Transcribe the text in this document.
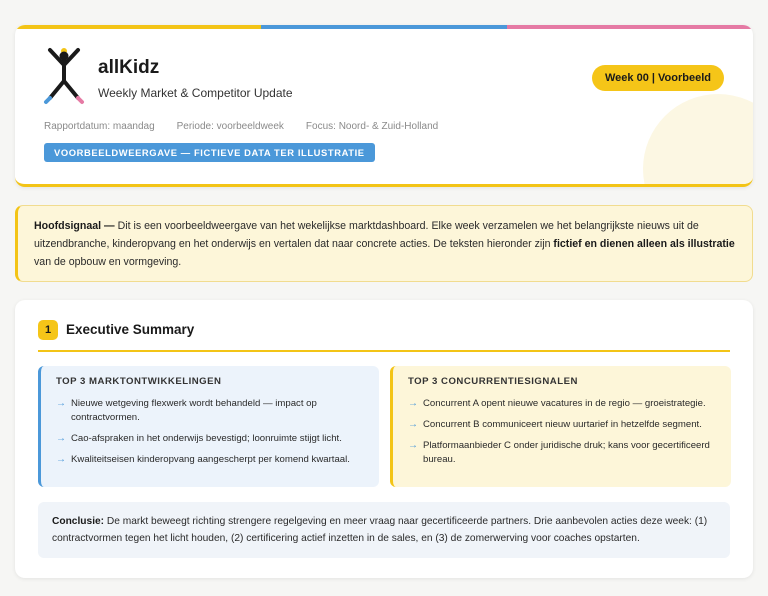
allKidz
Weekly Market & Competitor Update
Week 00 | Voorbeeld
Rapportdatum: maandag Periode: voorbeeldweek Focus: Noord- & Zuid-Holland
VOORBEELDWEERGAVE — FICTIEVE DATA TER ILLUSTRATIE
Hoofdsignaal — Dit is een voorbeeldweergave van het wekelijkse marktdashboard. Elke week verzamelen we het belangrijkste nieuws uit de uitzendbranche, kinderopvang en het onderwijs en vertalen dat naar concrete acties. De teksten hieronder zijn fictief en dienen alleen als illustratie van de opbouw en vormgeving.
1	Executive Summary
TOP 3 MARKTONTWIKKELINGEN
→ Nieuwe wetgeving flexwerk wordt behandeld — impact op contractvormen.
→ Cao-afspraken in het onderwijs bevestigd; loonruimte stijgt licht.
→ Kwaliteitseisen kinderopvang aangescherpt per komend kwartaal.
TOP 3 CONCURRENTIESIGNALEN
→ Concurrent A opent nieuwe vacatures in de regio — groeistrategie.
→ Concurrent B communiceert nieuw uurtarief in hetzelfde segment.
→ Platformaanbieder C onder juridische druk; kans voor gecertificeerd bureau.
Conclusie: De markt beweegt richting strengere regelgeving en meer vraag naar gecertificeerde partners. Drie aanbevolen acties deze week: (1) contractvormen tegen het licht houden, (2) certificering actief inzetten in de sales, en (3) de zomerwerving voor coaches opstarten.
